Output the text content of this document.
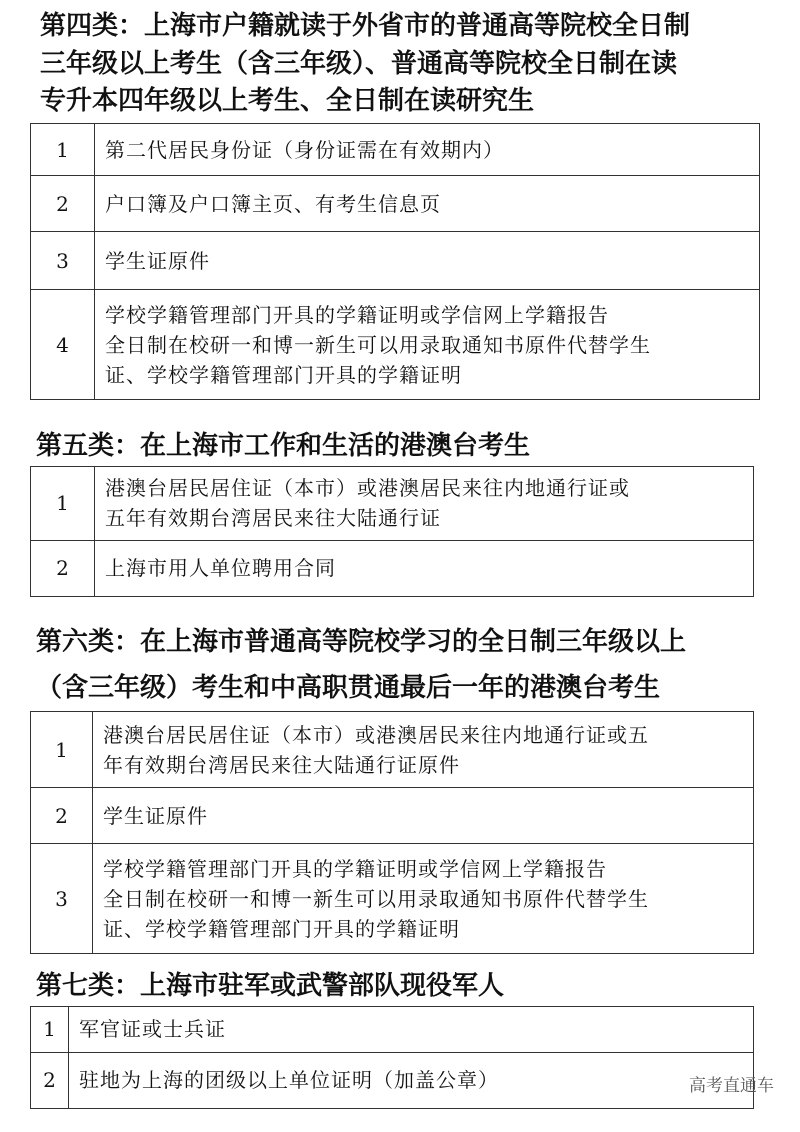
第四类：上海市户籍就读于外省市的普通高等院校全日制
三年级以上考生（含三年级）、普通高等院校全日制在读
专升本四年级以上考生、全日制在读研究生
1	第二代居民身份证（身份证需在有效期内）

2	户口簿及户口簿主页、有考生信息页

3	学生证原件

4	学校学籍管理部门开具的学籍证明或学信网上学籍报告
全日制在校研一和博一新生可以用录取通知书原件代替学生
证、学校学籍管理部门开具的学籍证明
第五类：在上海市工作和生活的港澳台考生
1	港澳台居民居住证（本市）或港澳居民来往内地通行证或
五年有效期台湾居民来往大陆通行证

2	上海市用人单位聘用合同
第六类：在上海市普通高等院校学习的全日制三年级以上
（含三年级）考生和中高职贯通最后一年的港澳台考生
1	港澳台居民居住证（本市）或港澳居民来往内地通行证或五
年有效期台湾居民来往大陆通行证原件

2	学生证原件

3	学校学籍管理部门开具的学籍证明或学信网上学籍报告
全日制在校研一和博一新生可以用录取通知书原件代替学生
证、学校学籍管理部门开具的学籍证明
第七类：上海市驻军或武警部队现役军人
1	军官证或士兵证

2	驻地为上海的团级以上单位证明（加盖公章）	高考直通车
